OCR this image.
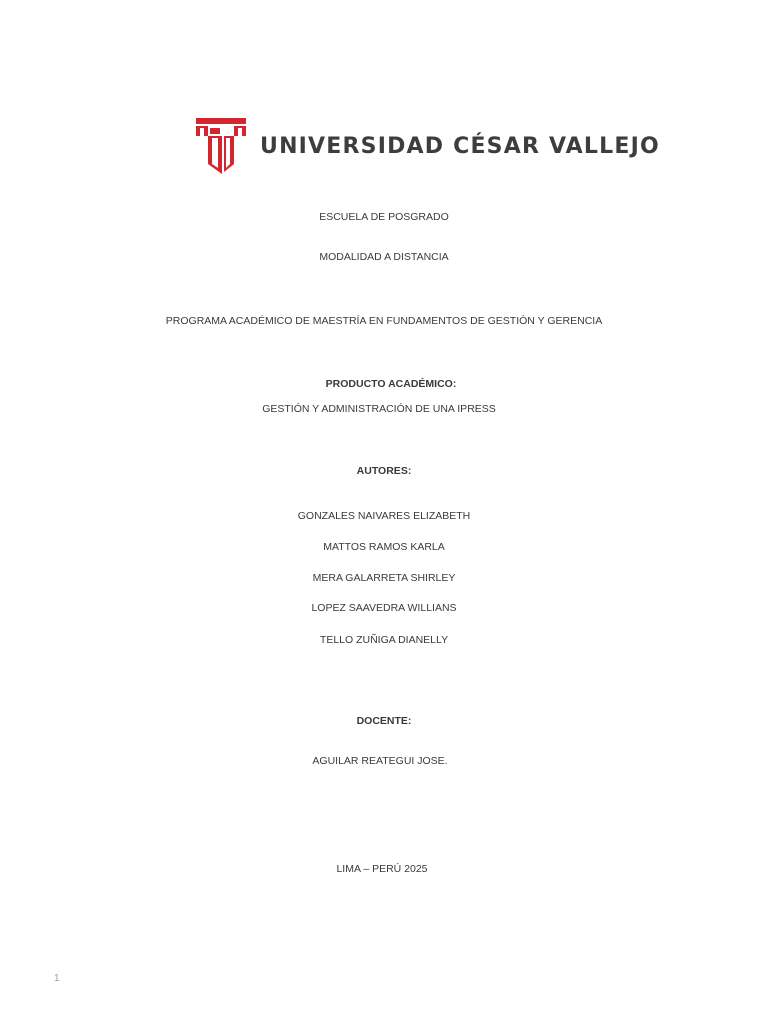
UNIVERSIDAD CÉSAR VALLEJO
ESCUELA DE POSGRADO
MODALIDAD A DISTANCIA
PROGRAMA ACADÉMICO DE MAESTRÍA EN FUNDAMENTOS DE GESTIÓN Y GERENCIA
PRODUCTO ACADÉMICO:
GESTIÓN Y ADMINISTRACIÓN DE UNA IPRESS
AUTORES:
GONZALES NAIVARES ELIZABETH
MATTOS RAMOS KARLA
MERA GALARRETA SHIRLEY
LOPEZ SAAVEDRA WILLIANS
TELLO ZUÑIGA DIANELLY
DOCENTE:
AGUILAR REATEGUI JOSE.
LIMA – PERÚ 2025
1
